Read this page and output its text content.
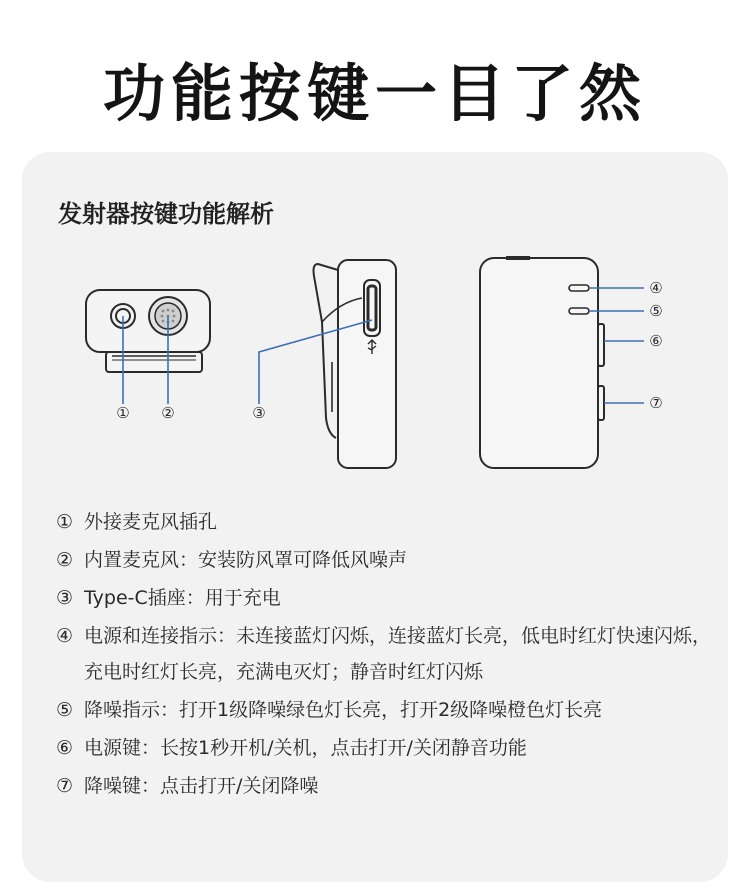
功能按键一目了然
发射器按键功能解析
① ②	③
④
⑤
⑥
⑦
① 外接麦克风插孔
② 内置麦克风：安装防风罩可降低风噪声
③ Type-C插座：用于充电
④ 电源和连接指示：未连接蓝灯闪烁，连接蓝灯长亮，低电时红灯快速闪烁，充电时红灯长亮，充满电灭灯；静音时红灯闪烁
⑤ 降噪指示：打开1级降噪绿色灯长亮，打开2级降噪橙色灯长亮
⑥ 电源键：长按1秒开机/关机，点击打开/关闭静音功能
⑦ 降噪键：点击打开/关闭降噪
